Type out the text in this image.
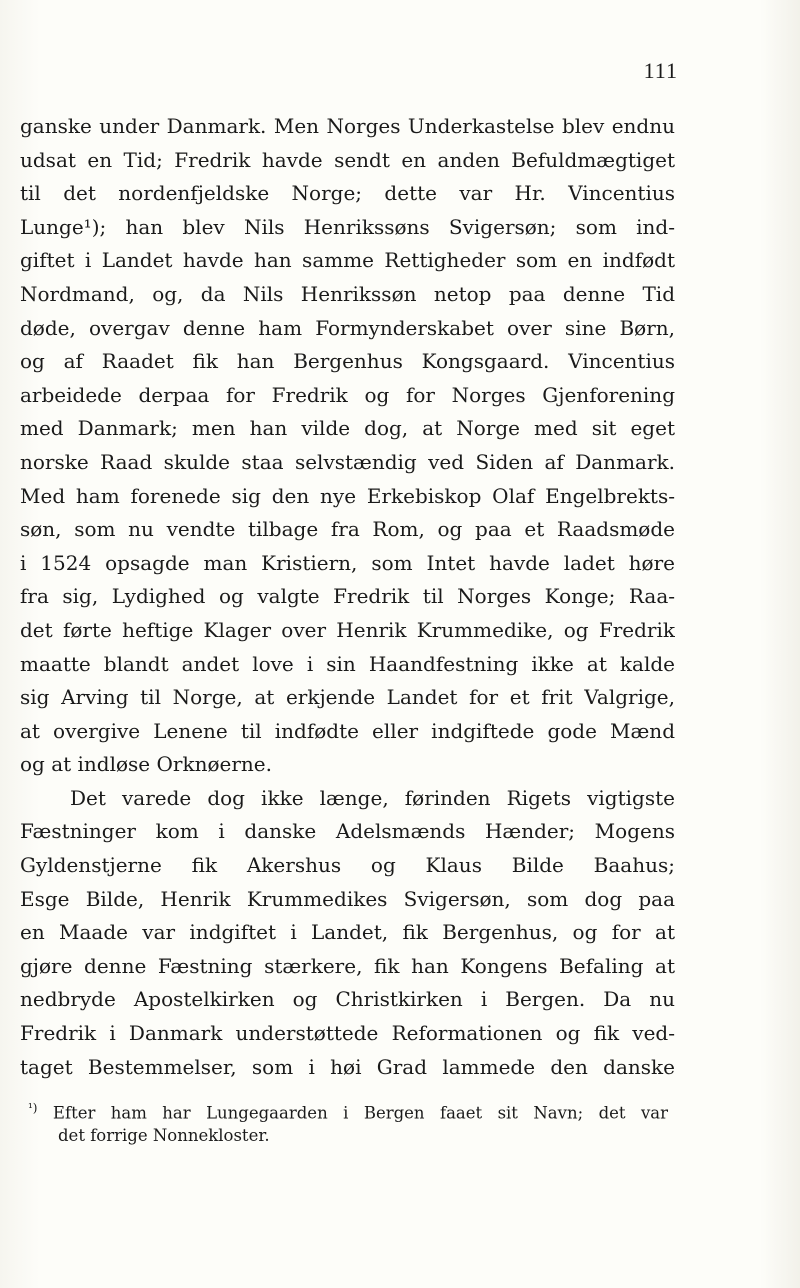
111
ganske under Danmark. Men Norges Underkastelse blev endnu
udsat en Tid; Fredrik havde sendt en anden Befuldmægtiget
til det nordenfjeldske Norge; dette var Hr. Vincentius
Lunge¹); han blev Nils Henrikssøns Svigersøn; som ind-
giftet i Landet havde han samme Rettigheder som en indfødt
Nordmand, og, da Nils Henrikssøn netop paa denne Tid
døde, overgav denne ham Formynderskabet over sine Børn,
og af Raadet fik han Bergenhus Kongsgaard. Vincentius
arbeidede derpaa for Fredrik og for Norges Gjenforening
med Danmark; men han vilde dog, at Norge med sit eget
norske Raad skulde staa selvstændig ved Siden af Danmark.
Med ham forenede sig den nye Erkebiskop Olaf Engelbrekts-
søn, som nu vendte tilbage fra Rom, og paa et Raadsmøde
i 1524 opsagde man Kristiern, som Intet havde ladet høre
fra sig, Lydighed og valgte Fredrik til Norges Konge; Raa-
det førte heftige Klager over Henrik Krummedike, og Fredrik
maatte blandt andet love i sin Haandfestning ikke at kalde
sig Arving til Norge, at erkjende Landet for et frit Valgrige,
at overgive Lenene til indfødte eller indgiftede gode Mænd
og at indløse Orknøerne.
Det varede dog ikke længe, førinden Rigets vigtigste
Fæstninger kom i danske Adelsmænds Hænder; Mogens
Gyldenstjerne fik Akershus og Klaus Bilde Baahus;
Esge Bilde, Henrik Krummedikes Svigersøn, som dog paa
en Maade var indgiftet i Landet, fik Bergenhus, og for at
gjøre denne Fæstning stærkere, fik han Kongens Befaling at
nedbryde Apostelkirken og Christkirken i Bergen. Da nu
Fredrik i Danmark understøttede Reformationen og fik ved-
taget Bestemmelser, som i høi Grad lammede den danske
$^{^1)}$ Efter ham har Lungegaarden i Bergen faaet sit Navn; det var
det forrige Nonnekloster.
